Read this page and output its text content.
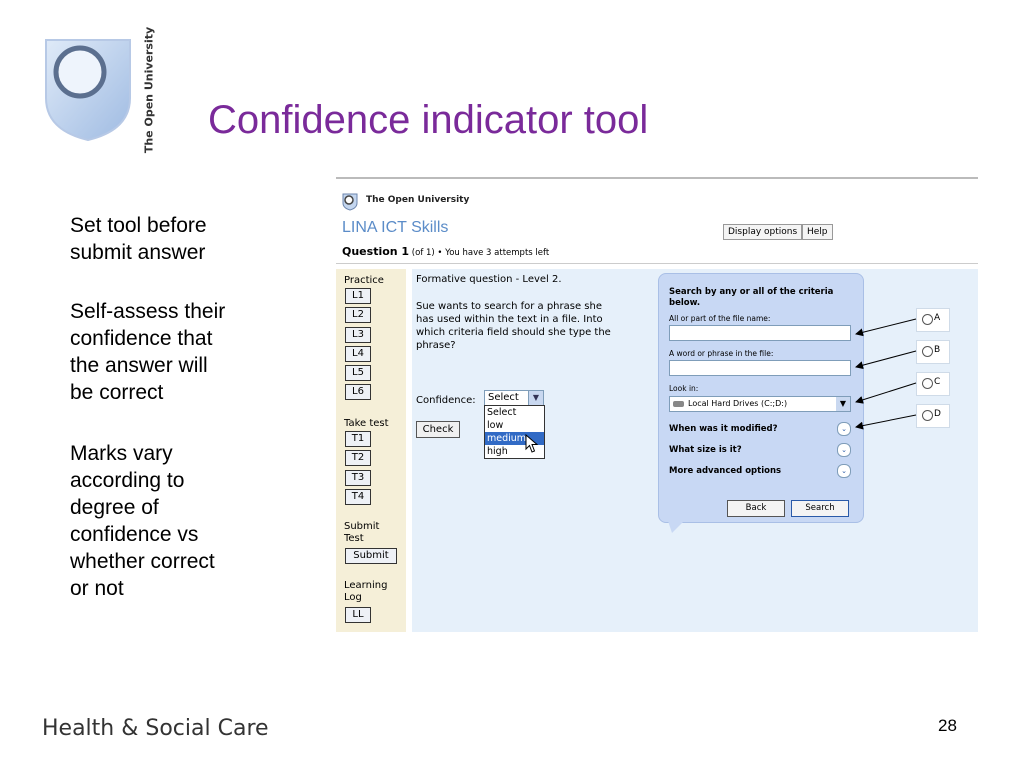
The Open University Confidence indicator tool
Set tool before
submit answer
Self-assess their
confidence that
the answer will
be correct
Marks vary
according to
degree of
confidence vs
whether correct
or not
The Open University
LINA ICT Skills	Display options	Help
Question 1 (of 1) • You have 3 attempts left
Practice
L1
L2
L3
L4
L5
L6
Take test
T1
T2
T3
T4
Submit
Test
Submit
Learning
Log
LL
Formative question - Level 2.
Sue wants to search for a phrase she
has used within the text in a file. Into
which criteria field should she type the
phrase?
Confidence: Select	▼
Select
low
medium
high
Check
Search by any or all of the criteria below.
All or part of the file name:
A word or phrase in the file:
Look in:
Local Hard Drives (C:;D:)	▼
When was it modified?	⌄
What size is it?	⌄
More advanced options	⌄
Back	Search
A
B
C
D
Health & Social Care	28
